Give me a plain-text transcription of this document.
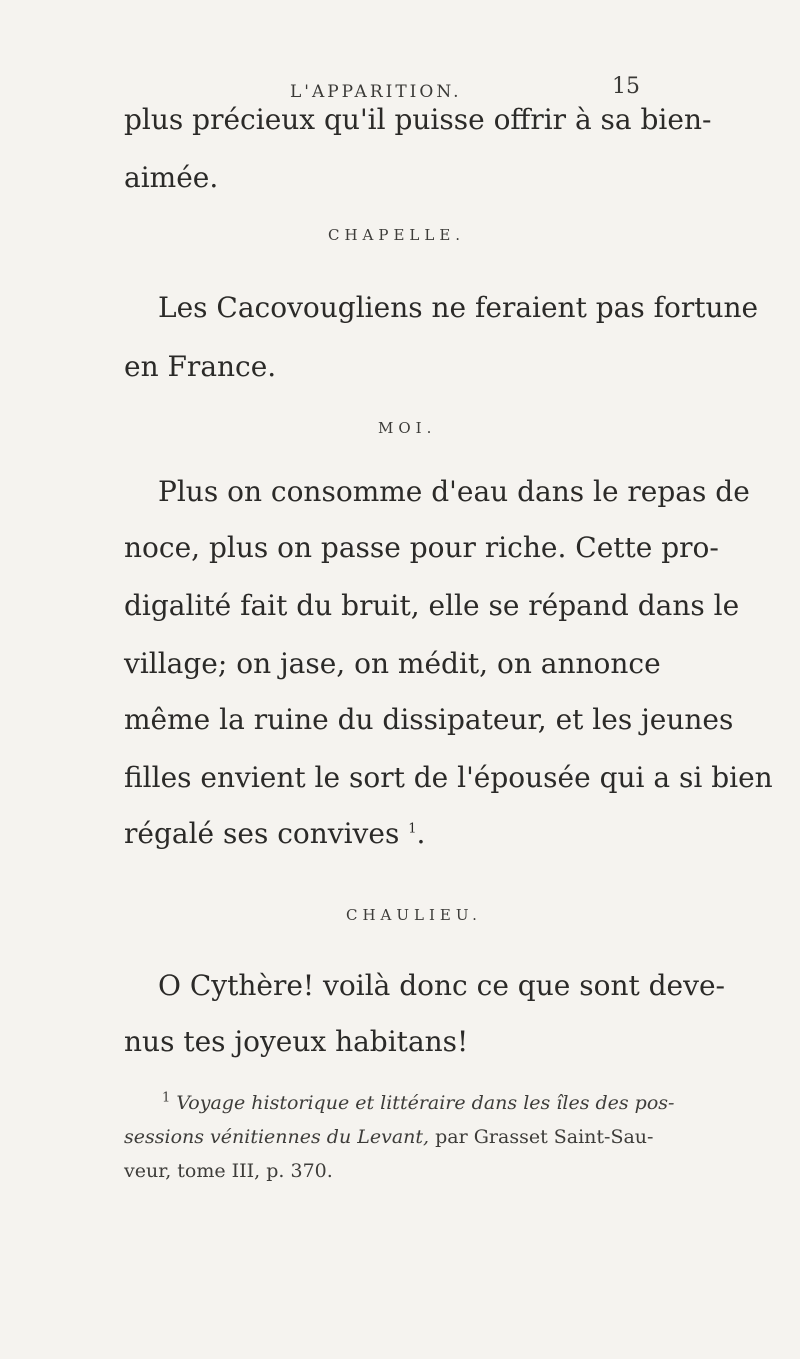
L'APPARITION.	15
plus précieux qu'il puisse offrir à sa bien-
aimée.
CHAPELLE.
Les Cacovougliens ne feraient pas fortune
en France.
MOI.
Plus on consomme d'eau dans le repas de
noce, plus on passe pour riche. Cette pro-
digalité fait du bruit, elle se répand dans le
village; on jase, on médit, on annonce
même la ruine du dissipateur, et les jeunes
filles envient le sort de l'épousée qui a si bien
régalé ses convives $^1$.
CHAULIEU.
O Cythère! voilà donc ce que sont deve-
nus tes joyeux habitans!
$^1$ Voyage historique et littéraire dans les îles des pos-
sessions vénitiennes du Levant, par Grasset Saint-Sau-
veur, tome III, p. 370.
